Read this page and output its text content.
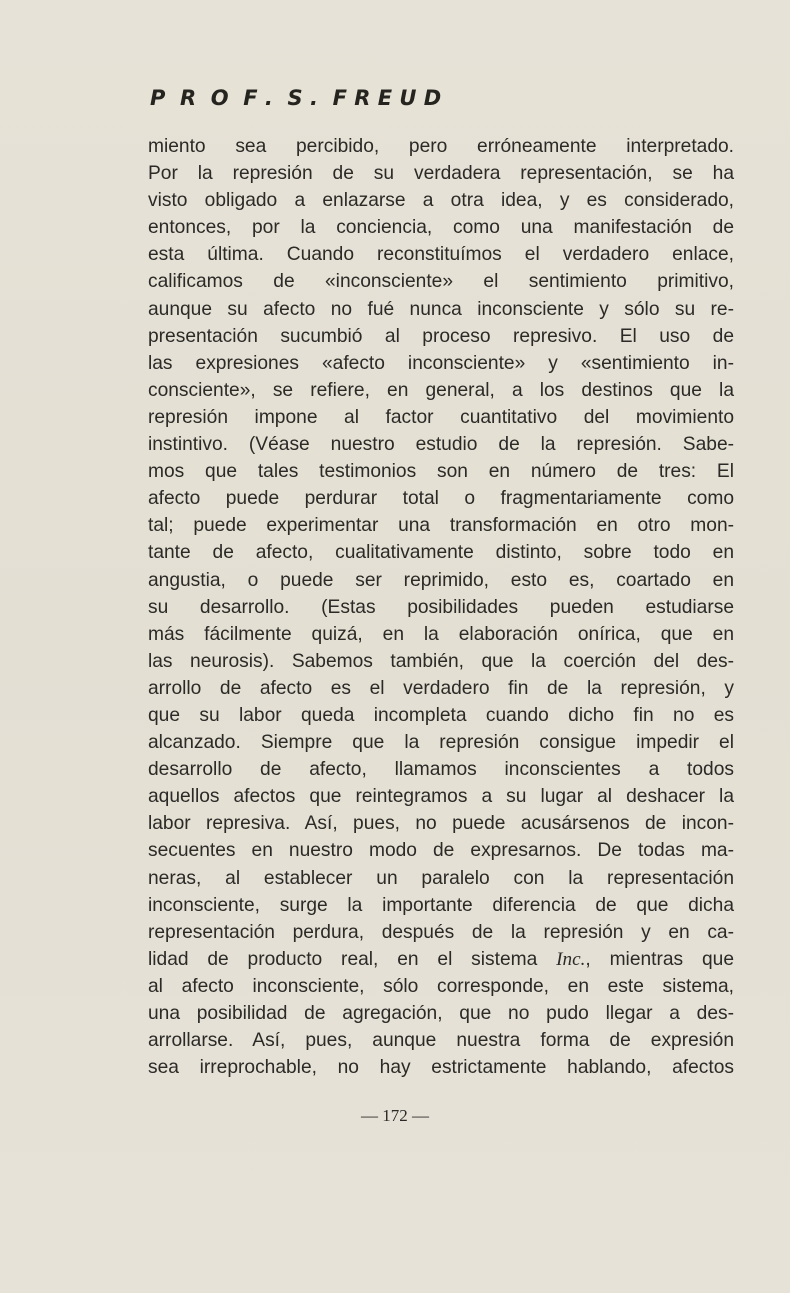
P  R  O  F .  S .  F R E U D
miento sea percibido, pero erróneamente interpretado.
Por la represión de su verdadera representación, se ha
visto obligado a enlazarse a otra idea, y es considerado,
entonces, por la conciencia, como una manifestación de
esta última. Cuando reconstituímos el verdadero enlace,
calificamos de «inconsciente» el sentimiento primitivo,
aunque su afecto no fué nunca inconsciente y sólo su re-
presentación sucumbió al proceso represivo. El uso de
las expresiones «afecto inconsciente» y «sentimiento in-
consciente», se refiere, en general, a los destinos que la
represión impone al factor cuantitativo del movimiento
instintivo. (Véase nuestro estudio de la represión. Sabe-
mos que tales testimonios son en número de tres: El
afecto puede perdurar total o fragmentariamente como
tal; puede experimentar una transformación en otro mon-
tante de afecto, cualitativamente distinto, sobre todo en
angustia, o puede ser reprimido, esto es, coartado en
su desarrollo. (Estas posibilidades pueden estudiarse
más fácilmente quizá, en la elaboración onírica, que en
las neurosis). Sabemos también, que la coerción del des-
arrollo de afecto es el verdadero fin de la represión, y
que su labor queda incompleta cuando dicho fin no es
alcanzado. Siempre que la represión consigue impedir el
desarrollo de afecto, llamamos inconscientes a todos
aquellos afectos que reintegramos a su lugar al deshacer la
labor represiva. Así, pues, no puede acusársenos de incon-
secuentes en nuestro modo de expresarnos. De todas ma-
neras, al establecer un paralelo con la representación
inconsciente, surge la importante diferencia de que dicha
representación perdura, después de la represión y en ca-
lidad de producto real, en el sistema Inc., mientras que
al afecto inconsciente, sólo corresponde, en este sistema,
una posibilidad de agregación, que no pudo llegar a des-
arrollarse. Así, pues, aunque nuestra forma de expresión
sea irreprochable, no hay estrictamente hablando, afectos
— 172 —
